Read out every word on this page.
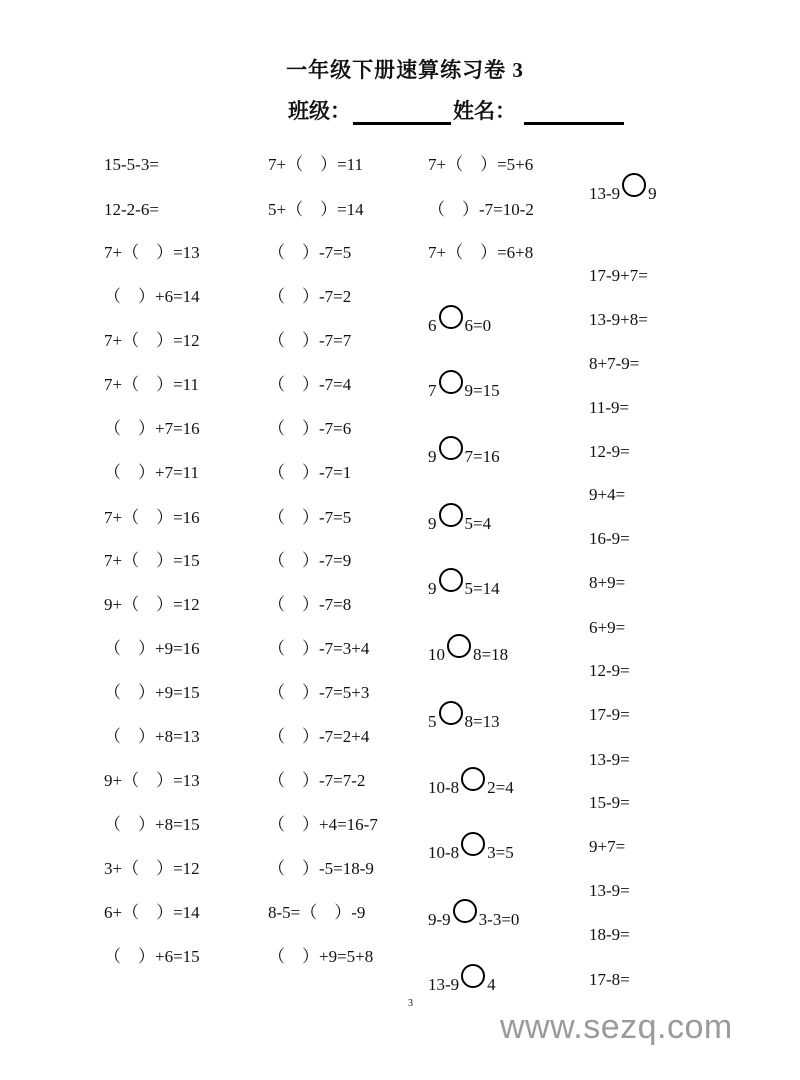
一年级下册速算练习卷 3
班级：	姓名：
15-5-3=
12-2-6=
7+（　）=13
（　）+6=14
7+（　）=12
7+（　）=11
（　）+7=16
（　）+7=11
7+（　）=16
7+（　）=15
9+（　）=12
（　）+9=16
（　）+9=15
（　）+8=13
9+（　）=13
（　）+8=15
3+（　）=12
6+（　）=14
（　）+6=15
7+（　）=11
5+（　）=14
（　）-7=5
（　）-7=2
（　）-7=7
（　）-7=4
（　）-7=6
（　）-7=1
（　）-7=5
（　）-7=9
（　）-7=8
（　）-7=3+4
（　）-7=5+3
（　）-7=2+4
（　）-7=7-2
（　）+4=16-7
（　）-5=18-9
8-5=（　）-9
（　）+9=5+8
7+（　）=5+6
（　）-7=10-2
7+（　）=6+8
6 6=0
7 9=15
9 7=16
9 5=4
9 5=14
10 8=18
5 8=13
10-8 2=4
10-8 3=5
9-9 3-3=0
13-9 4
13-9 9
17-9+7=
13-9+8=
8+7-9=
11-9=
12-9=
9+4=
16-9=
8+9=
6+9=
12-9=
17-9=
13-9=
15-9=
9+7=
13-9=
18-9=
17-8=
3
www.sezq.com
